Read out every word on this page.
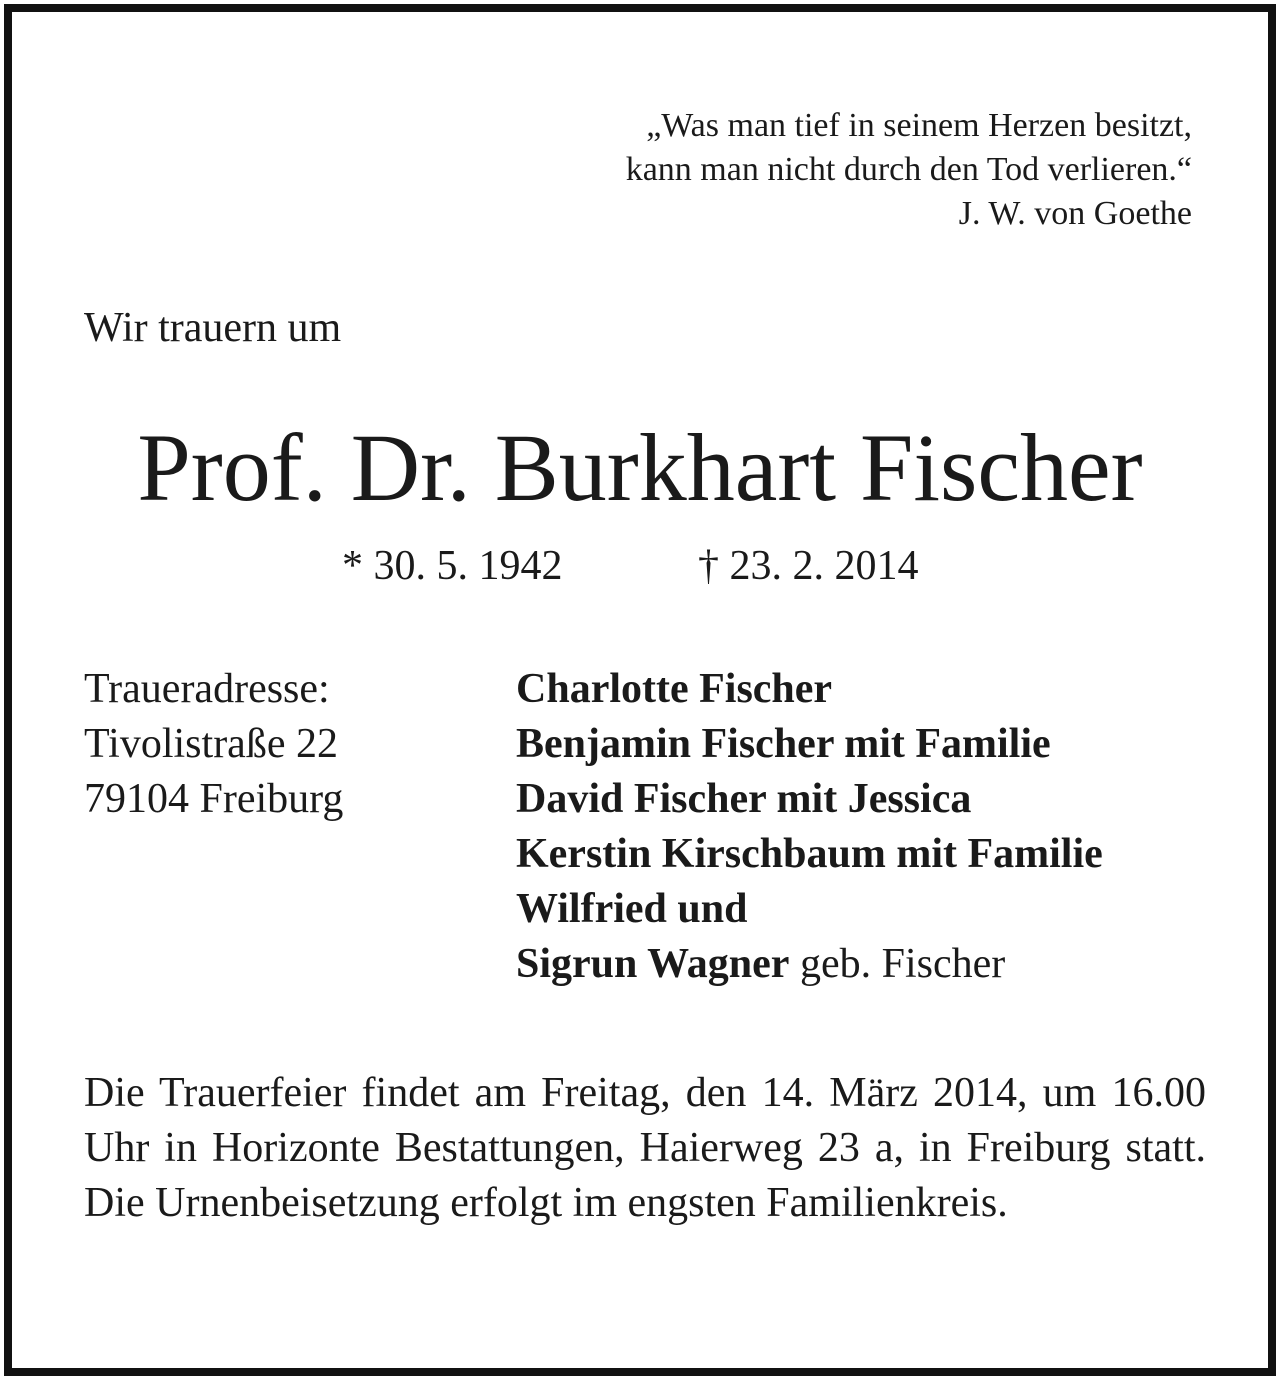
„Was man tief in seinem Herzen besitzt,
kann man nicht durch den Tod verlieren.“
J. W. von Goethe
Wir trauern um
Prof. Dr. Burkhart Fischer
* 30. 5. 1942	† 23. 2. 2014
Traueradresse:
Tivolistraße 22
79104 Freiburg
Charlotte Fischer
Benjamin Fischer mit Familie
David Fischer mit Jessica
Kerstin Kirschbaum mit Familie
Wilfried und
Sigrun Wagner geb. Fischer
Die Trauerfeier findet am Freitag, den 14. März 2014, um 16.00 Uhr in Horizonte Bestattungen, Haierweg 23 a, in Freiburg statt. Die Urnenbeisetzung erfolgt im engsten Familienkreis.
